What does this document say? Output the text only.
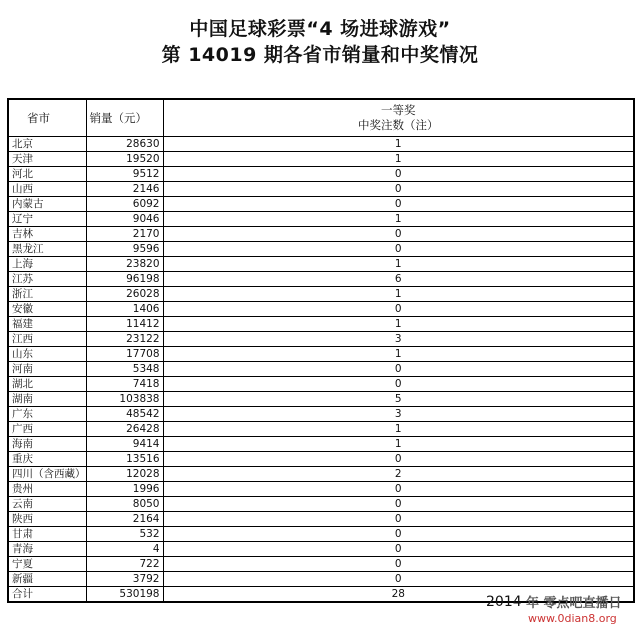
中国足球彩票“4 场进球游戏”
第 14019 期各省市销量和中奖情况
省市	销量（元）	一等奖
中奖注数（注）

北京	28630	1
天津	19520	1
河北	9512	0
山西	2146	0
内蒙古	6092	0
辽宁	9046	1
吉林	2170	0
黑龙江	9596	0
上海	23820	1
江苏	96198	6
浙江	26028	1
安徽	1406	0
福建	11412	1
江西	23122	3
山东	17708	1
河南	5348	0
湖北	7418	0
湖南	103838	5
广东	48542	3
广西	26428	1
海南	9414	1
重庆	13516	0
四川（含西藏）	12028	2
贵州	1996	0
云南	8050	0
陕西	2164	0
甘肃	532	0
青海	4	0
宁夏	722	0
新疆	3792	0
合计	530198	28
2014 年 零点吧直播日
www.0dian8.org
